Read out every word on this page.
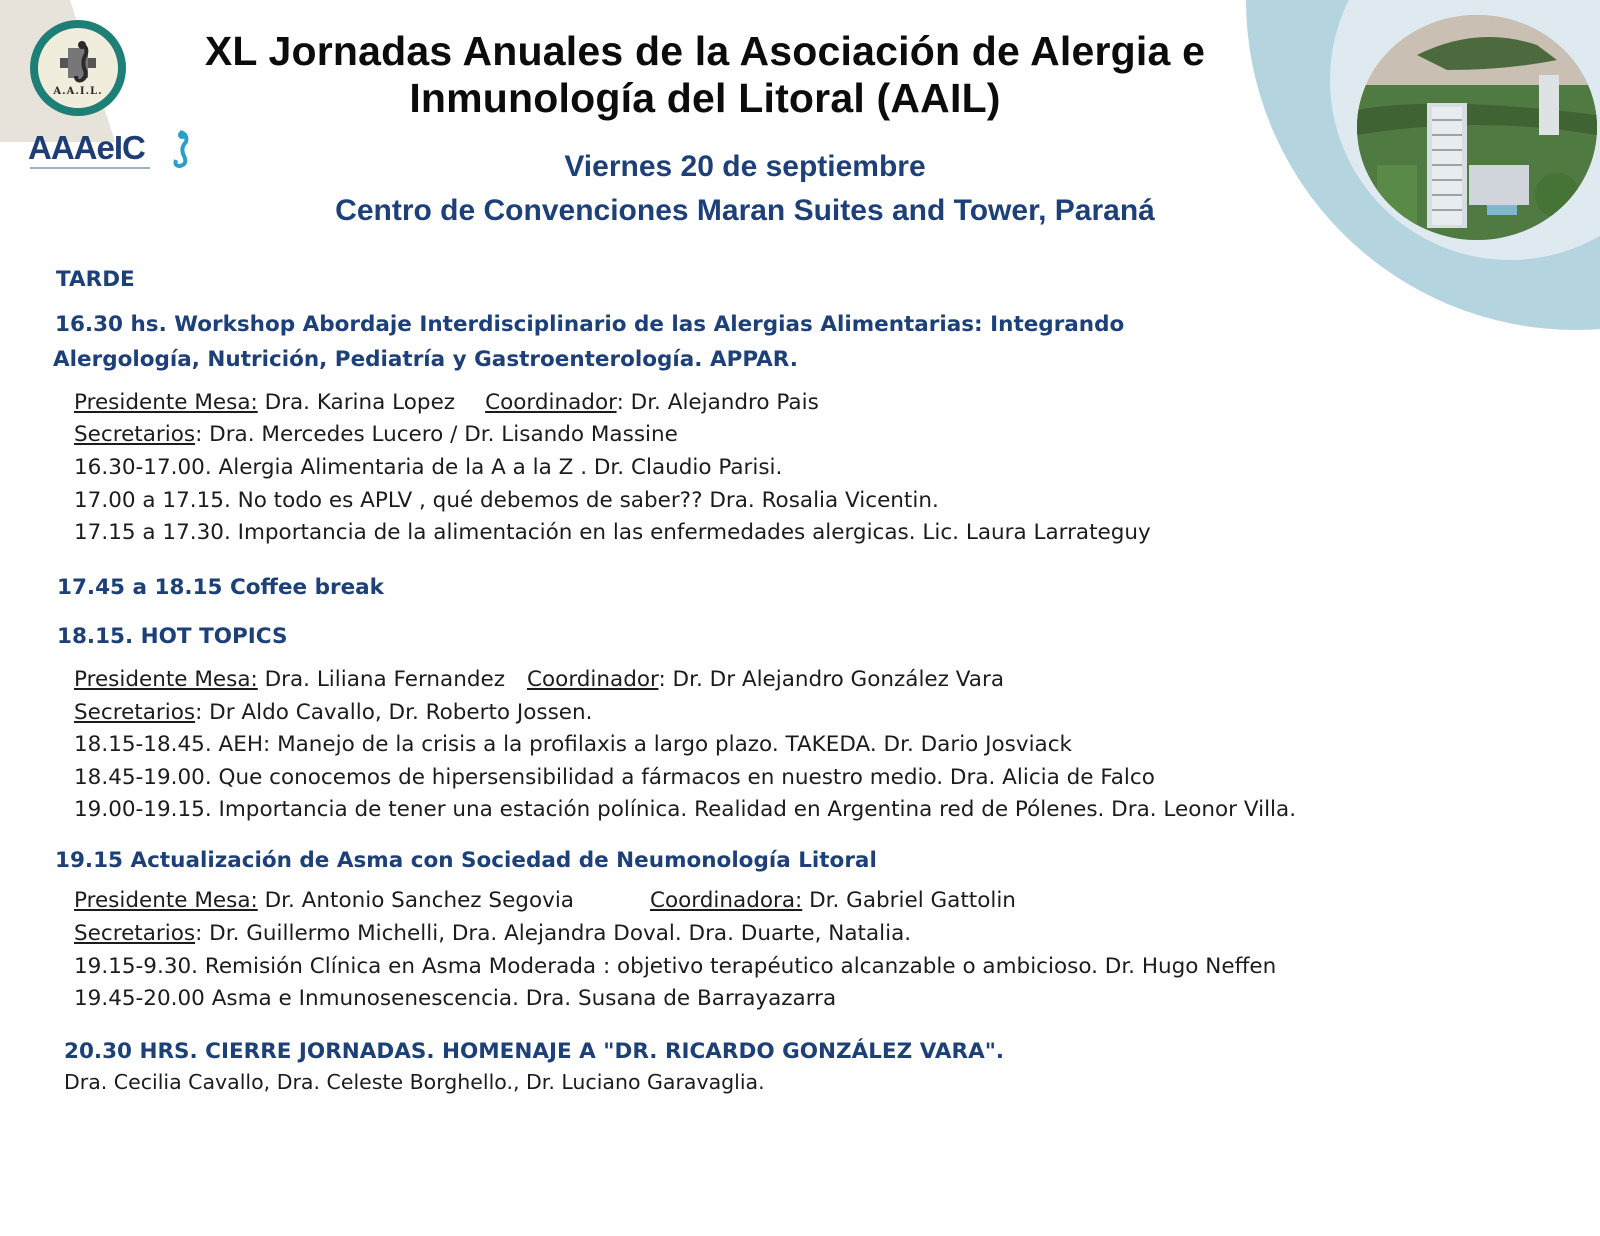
A.A.I.L.
AAAeIC
XL Jornadas Anuales de la Asociación de Alergia e
Inmunología del Litoral (AAIL)
Viernes 20 de septiembre
Centro de Convenciones Maran Suites and Tower, Paraná
TARDE
16.30 hs. Workshop Abordaje Interdisciplinario de las Alergias Alimentarias: Integrando
Alergología, Nutrición, Pediatría y Gastroenterología. APPAR.
Presidente Mesa: Dra. Karina Lopez Coordinador: Dr. Alejandro Pais
Secretarios: Dra. Mercedes Lucero / Dr. Lisando Massine
16.30-17.00. Alergia Alimentaria de la A a la Z . Dr. Claudio Parisi.
17.00 a 17.15. No todo es APLV , qué debemos de saber?? Dra. Rosalia Vicentin.
17.15 a 17.30. Importancia de la alimentación en las enfermedades alergicas. Lic. Laura Larrateguy
17.45 a 18.15 Coffee break
18.15. HOT TOPICS
Presidente Mesa: Dra. Liliana Fernandez Coordinador: Dr. Dr Alejandro González Vara
Secretarios: Dr Aldo Cavallo, Dr. Roberto Jossen.
18.15-18.45. AEH: Manejo de la crisis a la profilaxis a largo plazo. TAKEDA. Dr. Dario Josviack
18.45-19.00. Que conocemos de hipersensibilidad a fármacos en nuestro medio. Dra. Alicia de Falco
19.00-19.15. Importancia de tener una estación polínica. Realidad en Argentina red de Pólenes. Dra. Leonor Villa.
19.15 Actualización de Asma con Sociedad de Neumonología Litoral
Presidente Mesa: Dr. Antonio Sanchez Segovia	Coordinadora: Dr. Gabriel Gattolin
Secretarios: Dr. Guillermo Michelli, Dra. Alejandra Doval. Dra. Duarte, Natalia.
19.15-9.30. Remisión Clínica en Asma Moderada : objetivo terapéutico alcanzable o ambicioso. Dr. Hugo Neffen
19.45-20.00 Asma e Inmunosenescencia. Dra. Susana de Barrayazarra
20.30 HRS. CIERRE JORNADAS. HOMENAJE A "DR. RICARDO GONZÁLEZ VARA".
Dra. Cecilia Cavallo, Dra. Celeste Borghello., Dr. Luciano Garavaglia.
